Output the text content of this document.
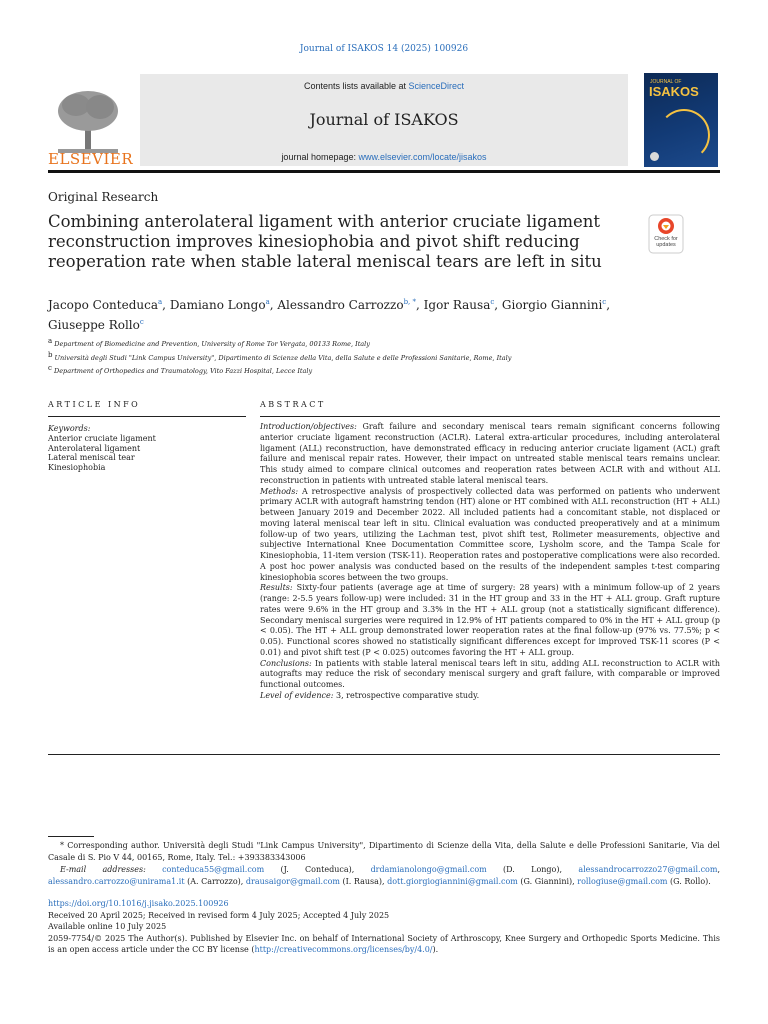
Journal of ISAKOS 14 (2025) 100926
ELSEVIER
Contents lists available at ScienceDirect
Journal of ISAKOS
journal homepage: www.elsevier.com/locate/jisakos
JOURNAL OF
ISAKOS
Original Research
Combining anterolateral ligament with anterior cruciate ligament reconstruction improves kinesiophobia and pivot shift reducing reoperation rate when stable lateral meniscal tears are left in situ
Check for updates
Jacopo Conteduca$^a$, Damiano Longo$^a$, Alessandro Carrozzo$^{b, *}$, Igor Rausa$^c$, Giorgio Giannini$^c$,
Giuseppe Rollo$^c$
$^a$ Department of Biomedicine and Prevention, University of Rome Tor Vergata, 00133 Rome, Italy
$^b$ Università degli Studi "Link Campus University", Dipartimento di Scienze della Vita, della Salute e delle Professioni Sanitarie, Rome, Italy
$^c$ Department of Orthopedics and Traumatology, Vito Fazzi Hospital, Lecce Italy
ARTICLE INFO	ABSTRACT
Keywords:
Anterior cruciate ligament
Anterolateral ligament
Lateral meniscal tear
Kinesiophobia

Introduction/objectives: Graft failure and secondary meniscal tears remain significant concerns following anterior cruciate ligament reconstruction (ACLR). Lateral extra-articular procedures, including anterolateral ligament (ALL) reconstruction, have demonstrated efficacy in reducing anterior cruciate ligament (ACL) graft failure and meniscal repair rates. However, their impact on untreated stable meniscal tears remains unclear. This study aimed to compare clinical outcomes and reoperation rates between ACLR with and without ALL reconstruction in patients with untreated stable lateral meniscal tears.

Methods: A retrospective analysis of prospectively collected data was performed on patients who underwent primary ACLR with autograft hamstring tendon (HT) alone or HT combined with ALL reconstruction (HT + ALL) between January 2019 and December 2022. All included patients had a concomitant stable, not displaced or moving lateral meniscal tear left in situ. Clinical evaluation was conducted preoperatively and at a minimum follow-up of two years, utilizing the Lachman test, pivot shift test, Rolimeter measurements, objective and subjective International Knee Documentation Committee score, Lysholm score, and the Tampa Scale for Kinesiophobia, 11-item version (TSK-11). Reoperation rates and postoperative complications were also recorded. A post hoc power analysis was conducted based on the results of the independent samples t-test comparing kinesiophobia scores between the two groups.

Results: Sixty-four patients (average age at time of surgery: 28 years) with a minimum follow-up of 2 years (range: 2-5.5 years follow-up) were included: 31 in the HT group and 33 in the HT + ALL group. Graft rupture rates were 9.6% in the HT group and 3.3% in the HT + ALL group (not a statistically significant difference). Secondary meniscal surgeries were required in 12.9% of HT patients compared to 0% in the HT + ALL group (p < 0.05). The HT + ALL group demonstrated lower reoperation rates at the final follow-up (97% vs. 77.5%; p < 0.05). Functional scores showed no statistically significant differences except for improved TSK-11 scores (P < 0.01) and pivot shift test (P < 0.025) outcomes favoring the HT + ALL group.

Conclusions: In patients with stable lateral meniscal tears left in situ, adding ALL reconstruction to ACLR with autografts may reduce the risk of secondary meniscal surgery and graft failure, with comparable or improved functional outcomes.

Level of evidence: 3, retrospective comparative study.

* Corresponding author. Università degli Studi "Link Campus University", Dipartimento di Scienze della Vita, della Salute e delle Professioni Sanitarie, Via del Casale di S. Pio V 44, 00165, Rome, Italy. Tel.: +393383343006

E-mail addresses: conteduca55@gmail.com (J. Conteduca), drdamianolongo@gmail.com (D. Longo), alessandrocarrozzo27@gmail.com, alessandro.carrozzo@unirama1.it (A. Carrozzo), drausaigor@gmail.com (I. Rausa), dott.giorgiogiannini@gmail.com (G. Giannini), rollogiuse@gmail.com (G. Rollo).

https://doi.org/10.1016/j.jisako.2025.100926

Received 20 April 2025; Received in revised form 4 July 2025; Accepted 4 July 2025

Available online 10 July 2025

2059-7754/© 2025 The Author(s). Published by Elsevier Inc. on behalf of International Society of Arthroscopy, Knee Surgery and Orthopedic Sports Medicine. This is an open access article under the CC BY license (http://creativecommons.org/licenses/by/4.0/).
